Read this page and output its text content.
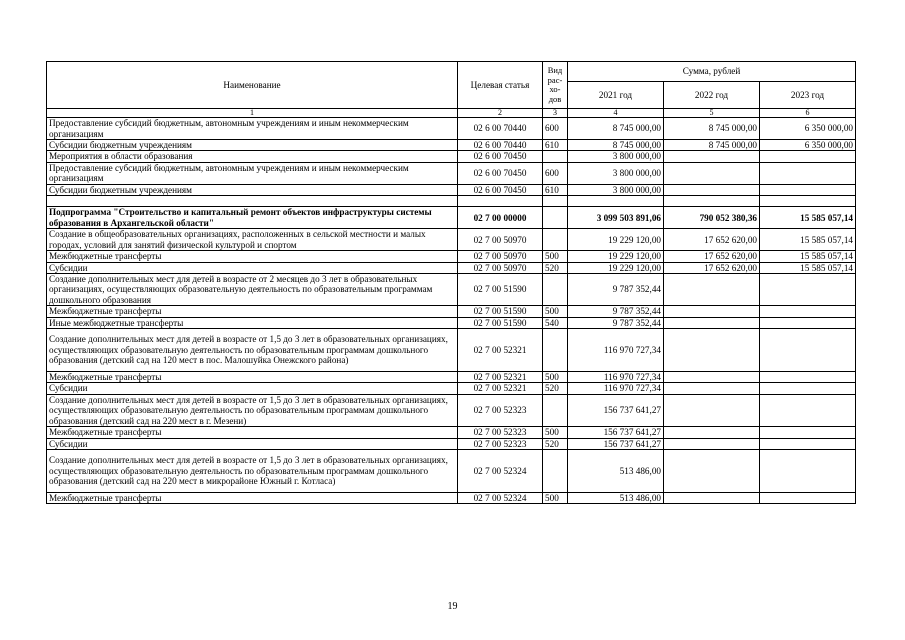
Наименование	Целевая статья	Вид рас-хо-дов	Сумма, рублей		
			2021 год	2022 год	2023 год
1	2	3	4	5	6
Предоставление субсидий бюджетным, автономным учреждениям и иным некоммерческим организациям	02 6 00 70440	600	8 745 000,00	8 745 000,00	6 350 000,00
Субсидии бюджетным учреждениям	02 6 00 70440	610	8 745 000,00	8 745 000,00	6 350 000,00
Мероприятия в области образования	02 6 00 70450		3 800 000,00		
Предоставление субсидий бюджетным, автономным учреждениям и иным некоммерческим организациям	02 6 00 70450	600	3 800 000,00		
Субсидии бюджетным учреждениям	02 6 00 70450	610	3 800 000,00		

Подпрограмма "Строительство и капитальный ремонт объектов инфраструктуры системы образования в Архангельской области"	02 7 00 00000		3 099 503 891,06	790 052 380,36	15 585 057,14
Создание в общеобразовательных организациях, расположенных в сельской местности и малых городах, условий для занятий физической культурой и спортом	02 7 00 50970		19 229 120,00	17 652 620,00	15 585 057,14
Межбюджетные трансферты	02 7 00 50970	500	19 229 120,00	17 652 620,00	15 585 057,14
Субсидии	02 7 00 50970	520	19 229 120,00	17 652 620,00	15 585 057,14
Создание дополнительных мест для детей в возрасте от 2 месяцев до 3 лет в образовательных организациях, осуществляющих образовательную деятельность по образовательным программам дошкольного образования	02 7 00 51590		9 787 352,44		
Межбюджетные трансферты	02 7 00 51590	500	9 787 352,44		
Иные межбюджетные трансферты	02 7 00 51590	540	9 787 352,44		
Создание дополнительных мест для детей в возрасте от 1,5 до 3 лет в образовательных организациях, осуществляющих образовательную деятельность по образовательным программам дошкольного образования (детский сад на 120 мест в пос. Малошуйка Онежского района)	02 7 00 52321		116 970 727,34		
Межбюджетные трансферты	02 7 00 52321	500	116 970 727,34		
Субсидии	02 7 00 52321	520	116 970 727,34		
Создание дополнительных мест для детей в возрасте от 1,5 до 3 лет в образовательных организациях, осуществляющих образовательную деятельность по образовательным программам дошкольного образования (детский сад на 220 мест в г. Мезени)	02 7 00 52323		156 737 641,27		
Межбюджетные трансферты	02 7 00 52323	500	156 737 641,27		
Субсидии	02 7 00 52323	520	156 737 641,27		
Создание дополнительных мест для детей в возрасте от 1,5 до 3 лет в образовательных организациях, осуществляющих образовательную деятельность по образовательным программам дошкольного образования (детский сад на 220 мест в микрорайоне Южный г. Котласа)	02 7 00 52324		513 486,00		
Межбюджетные трансферты	02 7 00 52324	500	513 486,00		
19
